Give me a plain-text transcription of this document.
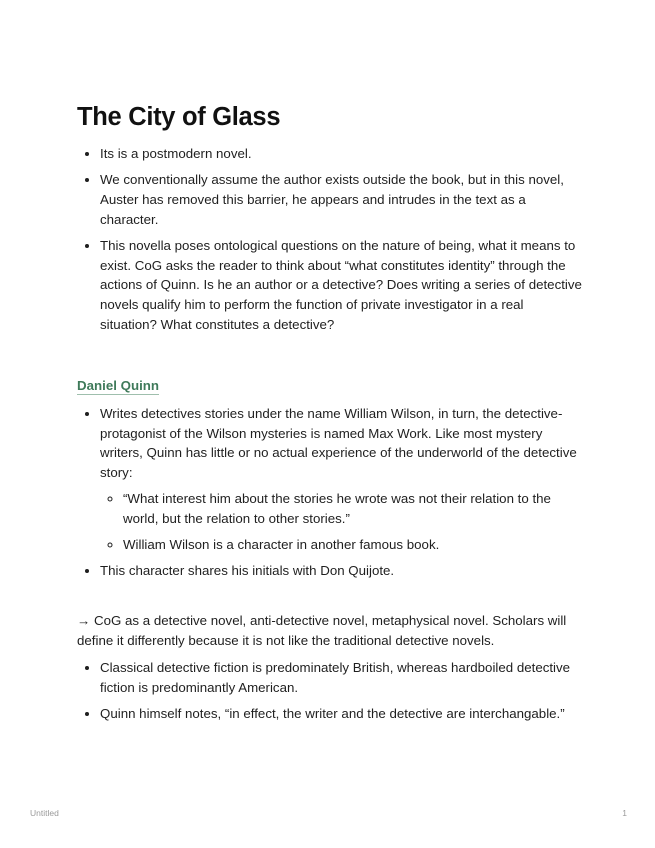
The City of Glass
• Its is a postmodern novel.
• We conventionally assume the author exists outside the book, but in this novel, Auster has removed this barrier, he appears and intrudes in the text as a character.
• This novella poses ontological questions on the nature of being, what it means to exist. CoG asks the reader to think about “what constitutes identity” through the actions of Quinn. Is he an author or a detective? Does writing a series of detective novels qualify him to perform the function of private investigator in a real situation? What constitutes a detective?
Daniel Quinn
• Writes detectives stories under the name William Wilson, in turn, the detective-protagonist of the Wilson mysteries is named Max Work. Like most mystery writers, Quinn has little or no actual experience of the underworld of the detective story:
◦ “What interest him about the stories he wrote was not their relation to the world, but the relation to other stories.”
◦ William Wilson is a character in another famous book.
• This character shares his initials with Don Quijote.
→ CoG as a detective novel, anti-detective novel, metaphysical novel. Scholars will define it differently because it is not like the traditional detective novels.
• Classical detective fiction is predominately British, whereas hardboiled detective fiction is predominantly American.
• Quinn himself notes, “in effect, the writer and the detective are interchangable.”
Untitled	1
